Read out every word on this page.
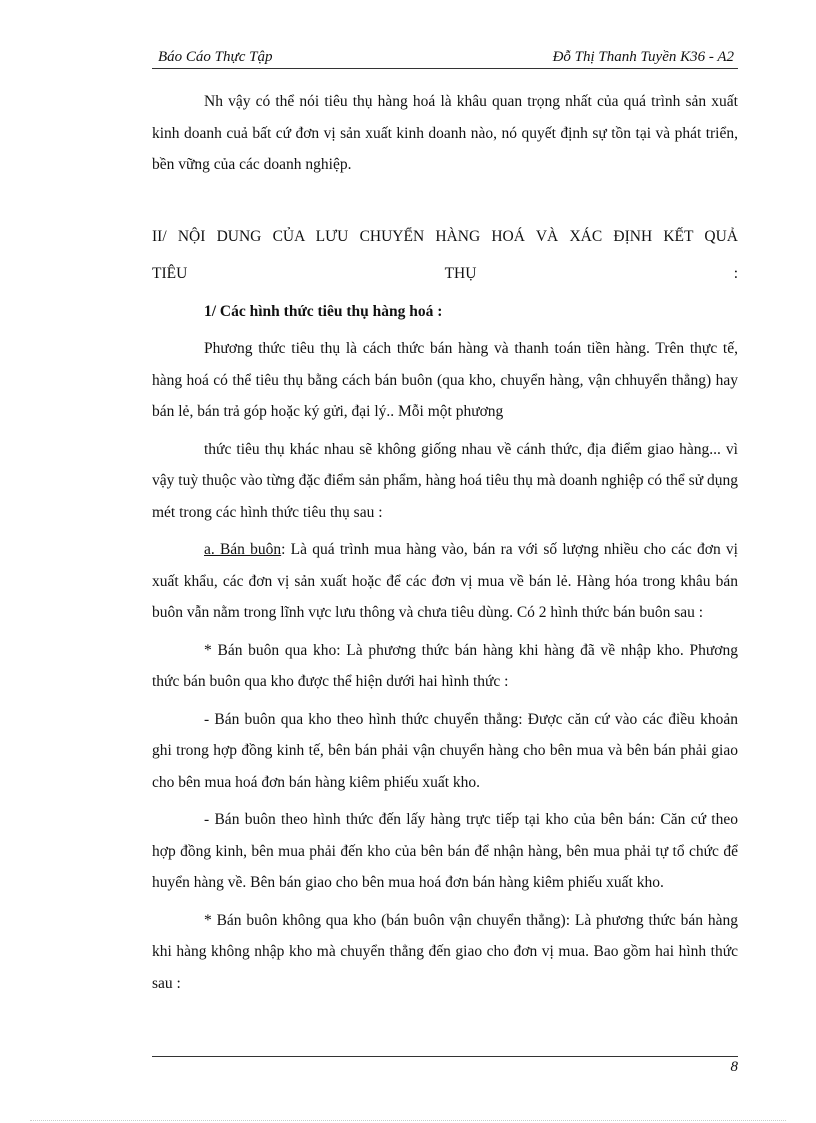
Báo Cáo Thực Tập	Đỗ Thị Thanh Tuyền K36 - A2

Nh vậy có thể nói tiêu thụ hàng hoá là khâu quan trọng nhất của quá trình sản xuất kinh doanh cuả bất cứ đơn vị sản xuất kinh doanh nào, nó quyết định sự tồn tại và phát triển, bền vững của các doanh nghiệp.

II/ NỘI DUNG CỦA LƯU CHUYỂN HÀNG HOÁ VÀ XÁC ĐỊNH KẾT QUẢ

TIÊU	THỤ	:

1/ Các hình thức tiêu thụ hàng hoá :

Phương thức tiêu thụ là cách thức bán hàng và thanh toán tiền hàng. Trên thực tế, hàng hoá có thể tiêu thụ bằng cách bán buôn (qua kho, chuyển hàng, vận chhuyển thẳng) hay bán lẻ, bán trả góp hoặc ký gửi, đại lý.. Mỗi một phương

thức tiêu thụ khác nhau sẽ không giống nhau về cánh thức, địa điểm giao hàng... vì vậy tuỳ thuộc vào từng đặc điểm sản phẩm, hàng hoá tiêu thụ mà doanh nghiệp có thể sử dụng mét trong các hình thức tiêu thụ sau :

a. Bán buôn: Là quá trình mua hàng vào, bán ra với số lượng nhiều cho các đơn vị xuất khẩu, các đơn vị sản xuất hoặc để các đơn vị mua về bán lẻ. Hàng hóa trong khâu bán buôn vẫn nằm trong lĩnh vực lưu thông và chưa tiêu dùng. Có 2 hình thức bán buôn sau :

* Bán buôn qua kho: Là phương thức bán hàng khi hàng đã về nhập kho. Phương thức bán buôn qua kho được thể hiện dưới hai hình thức :

- Bán buôn qua kho theo hình thức chuyển thẳng: Được căn cứ vào các điều khoản ghi trong hợp đồng kinh tế, bên bán phải vận chuyển hàng cho bên mua và bên bán phải giao cho bên mua hoá đơn bán hàng kiêm phiếu xuất kho.

- Bán buôn theo hình thức đến lấy hàng trực tiếp tại kho của bên bán: Căn cứ theo hợp đồng kinh, bên mua phải đến kho của bên bán để nhận hàng, bên mua phải tự tổ chức để huyển hàng về. Bên bán giao cho bên mua hoá đơn bán hàng kiêm phiếu xuất kho.

* Bán buôn không qua kho (bán buôn vận chuyển thẳng): Là phương thức bán hàng khi hàng không nhập kho mà chuyển thẳng đến giao cho đơn vị mua. Bao gồm hai hình thức sau :

8
